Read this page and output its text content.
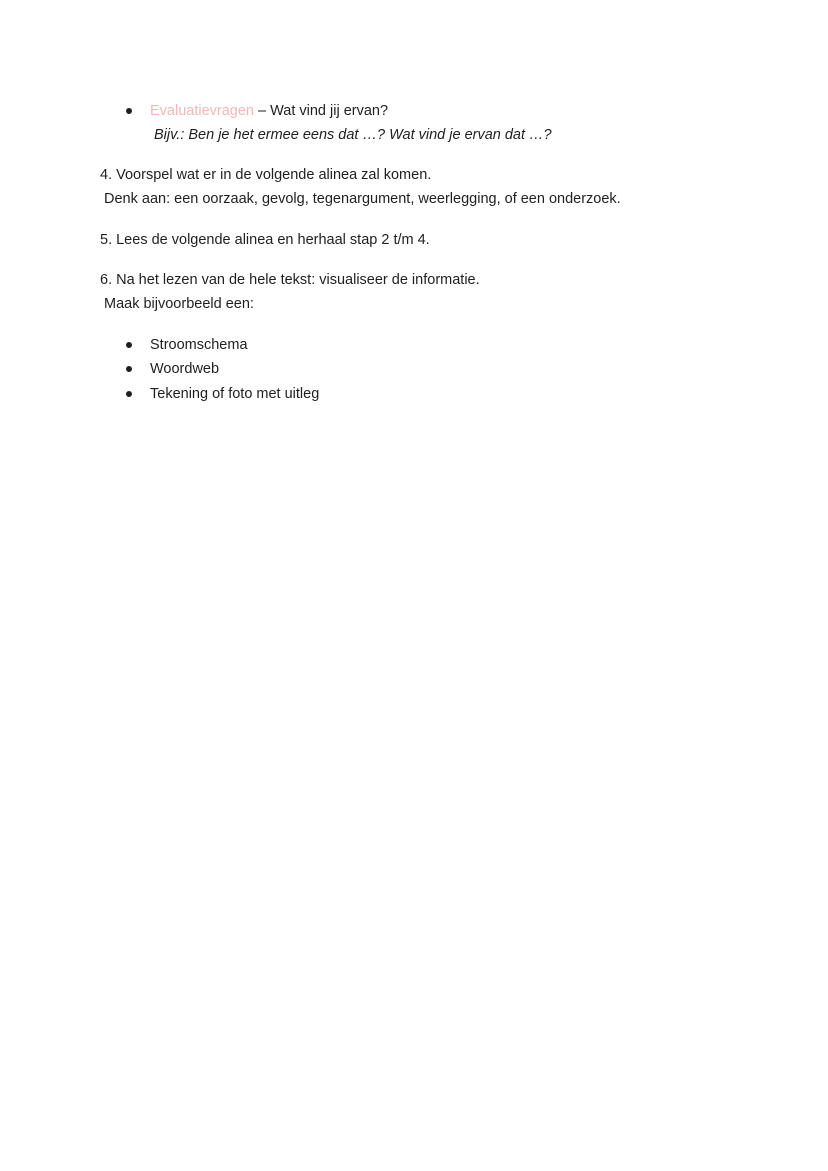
Evaluatievragen – Wat vind jij ervan?
Bijv.: Ben je het ermee eens dat …? Wat vind je ervan dat …?
4. Voorspel wat er in de volgende alinea zal komen.
Denk aan: een oorzaak, gevolg, tegenargument, weerlegging, of een onderzoek.
5. Lees de volgende alinea en herhaal stap 2 t/m 4.
6. Na het lezen van de hele tekst: visualiseer de informatie.
Maak bijvoorbeeld een:
Stroomschema
Woordweb
Tekening of foto met uitleg
